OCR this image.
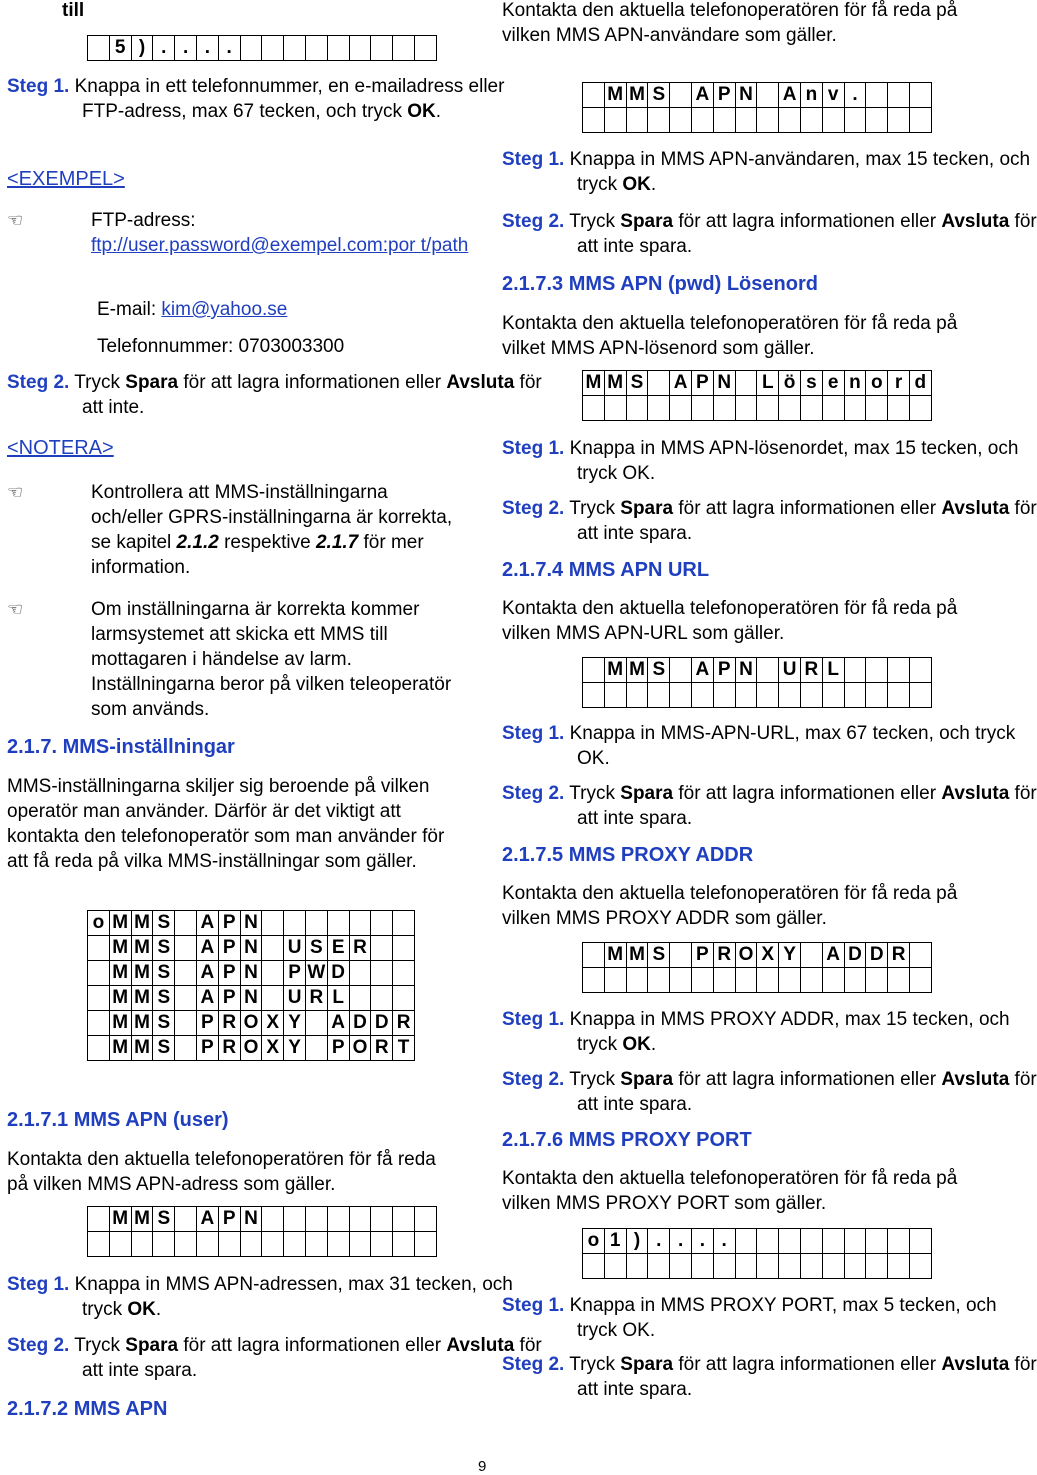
till
	5	)	.	.	.	.									
Steg 1. Knappa in ett telefonnummer, en e-mailadress eller FTP-adress, max 67 tecken, och tryck OK.
<EXEMPEL>
☜	FTP-adress:
ftp://user.password@exempel.com:por t/path
E-mail: kim@yahoo.se
Telefonnummer: 0703003300
Steg 2. Tryck Spara för att lagra informationen eller Avsluta för att inte.
<NOTERA>
☜	Kontrollera att MMS-inställningarna och/eller GPRS-inställningarna är korrekta, se kapitel 2.1.2 respektive 2.1.7 för mer information.
☜	Om inställningarna är korrekta kommer larmsystemet att skicka ett MMS till mottagaren i händelse av larm. Inställningarna beror på vilken teleoperatör som används.
2.1.7. MMS-inställningar
MMS-inställningarna skiljer sig beroende på vilken operatör man använder. Därför är det viktigt att kontakta den telefonoperatör som man använder för att få reda på vilka MMS-inställningar som gäller.
o	M	M	S		A	P	N							
	M	M	S		A	P	N		U	S	E	R		
	M	M	S		A	P	N		P	W	D			
	M	M	S		A	P	N		U	R	L			
	M	M	S		P	R	O	X	Y		A	D	D	R
	M	M	S		P	R	O	X	Y		P	O	R	T
2.1.7.1 MMS APN (user)
Kontakta den aktuella telefonoperatören för få reda på vilken MMS APN-adress som gäller.
	M	M	S		A	P	N								

Steg 1. Knappa in MMS APN-adressen, max 31 tecken, och tryck OK.
Steg 2. Tryck Spara för att lagra informationen eller Avsluta för att inte spara.
2.1.7.2 MMS APN
Kontakta den aktuella telefonoperatören för få reda på vilken MMS APN-användare som gäller.
	M	M	S		A	P	N		A	n	v	.			

Steg 1. Knappa in MMS APN-användaren, max 15 tecken, och tryck OK.
Steg 2. Tryck Spara för att lagra informationen eller Avsluta för att inte spara.
2.1.7.3 MMS APN (pwd) Lösenord
Kontakta den aktuella telefonoperatören för få reda på vilket MMS APN-lösenord som gäller.
M	M	S		A	P	N		L	ö	s	e	n	o	r	d

Steg 1. Knappa in MMS APN-lösenordet, max 15 tecken, och tryck OK.
Steg 2. Tryck Spara för att lagra informationen eller Avsluta för att inte spara.
2.1.7.4 MMS APN URL
Kontakta den aktuella telefonoperatören för få reda på vilken MMS APN-URL som gäller.
	M	M	S		A	P	N		U	R	L				

Steg 1. Knappa in MMS-APN-URL, max 67 tecken, och tryck OK.
Steg 2. Tryck Spara för att lagra informationen eller Avsluta för att inte spara.
2.1.7.5 MMS PROXY ADDR
Kontakta den aktuella telefonoperatören för få reda på vilken MMS PROXY ADDR som gäller.
	M	M	S		P	R	O	X	Y		A	D	D	R	

Steg 1. Knappa in MMS PROXY ADDR, max 15 tecken, och tryck OK.
Steg 2. Tryck Spara för att lagra informationen eller Avsluta för att inte spara.
2.1.7.6 MMS PROXY PORT
Kontakta den aktuella telefonoperatören för få reda på vilken MMS PROXY PORT som gäller.
o	1	)	.	.	.	.									

Steg 1. Knappa in MMS PROXY PORT, max 5 tecken, och tryck OK.
Steg 2. Tryck Spara för att lagra informationen eller Avsluta för att inte spara.
9
